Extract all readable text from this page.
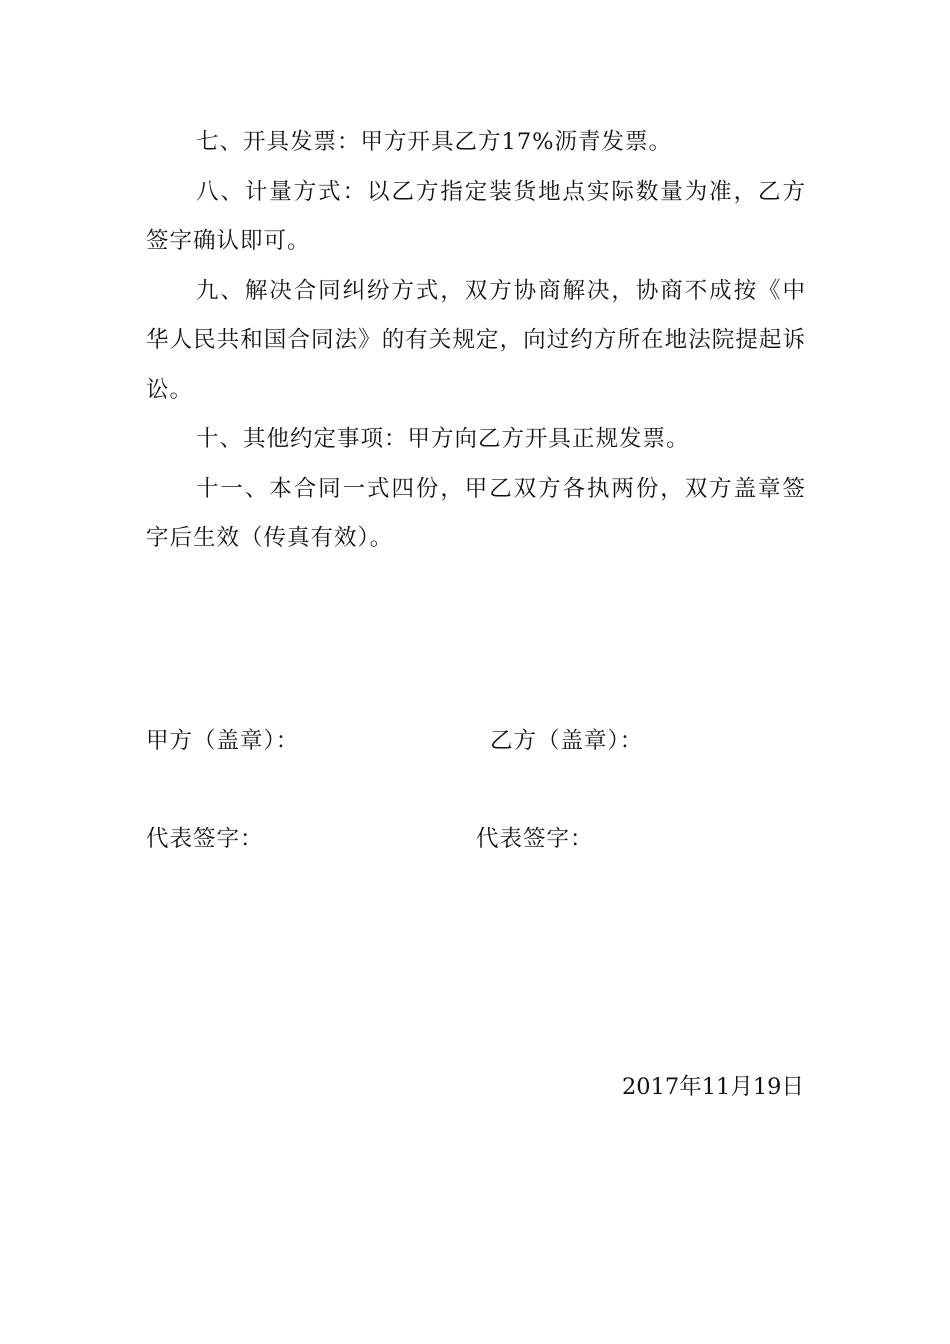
七、开具发票：甲方开具乙方17%沥青发票。

八、计量方式：以乙方指定装货地点实际数量为准，乙方签字确认即可。

九、解决合同纠纷方式，双方协商解决，协商不成按《中华人民共和国合同法》的有关规定，向过约方所在地法院提起诉讼。

十、其他约定事项：甲方向乙方开具正规发票。

十一、本合同一式四份，甲乙双方各执两份，双方盖章签字后生效（传真有效）。

甲方（盖章）：	乙方（盖章）：
代表签字：	代表签字：
2017年11月19日
